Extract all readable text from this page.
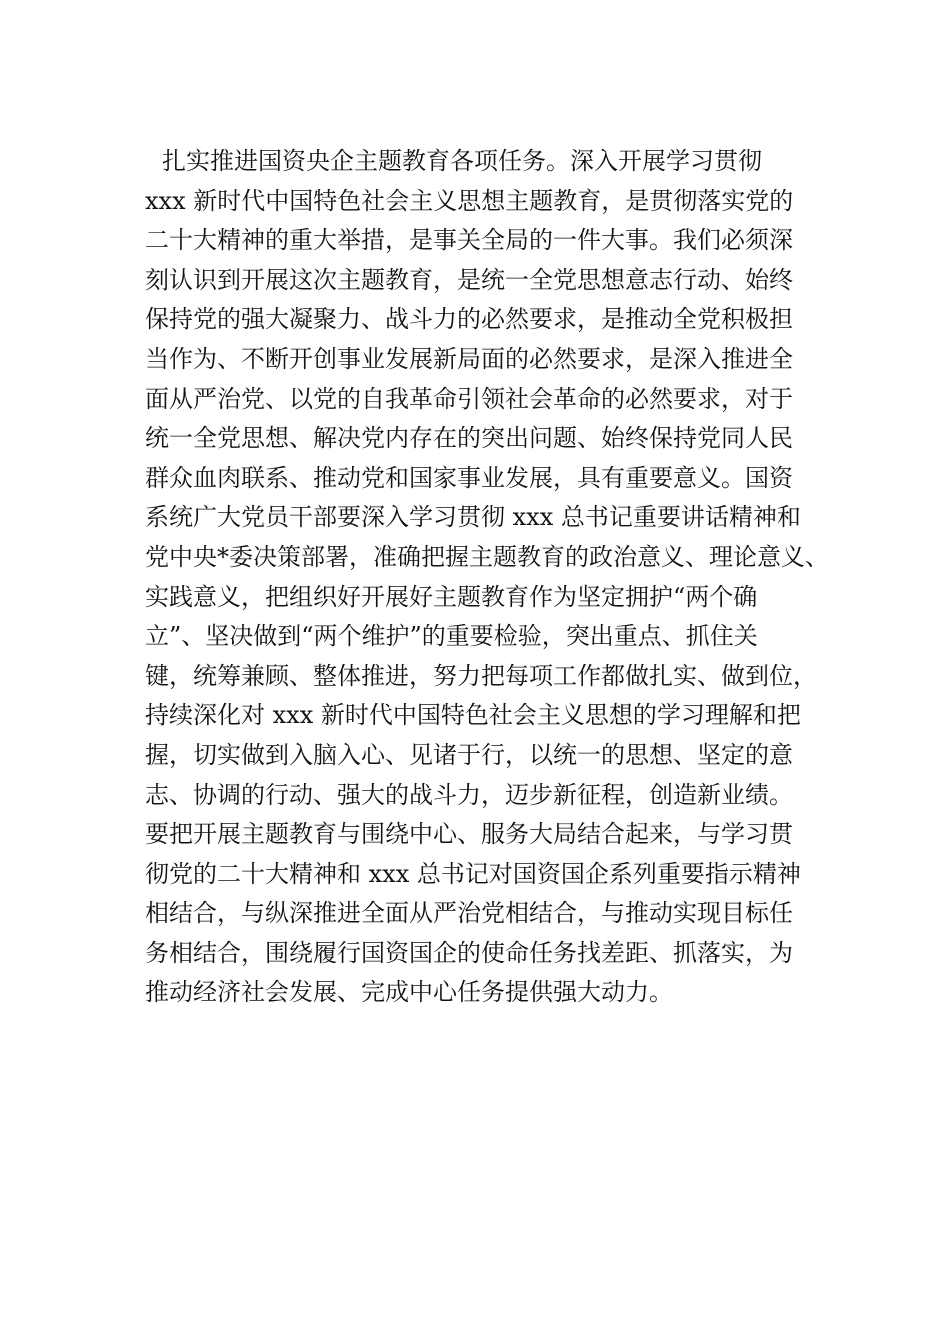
扎实推进国资央企主题教育各项任务。深入开展学习贯彻
xxx 新时代中国特色社会主义思想主题教育，是贯彻落实党的
二十大精神的重大举措，是事关全局的一件大事。我们必须深
刻认识到开展这次主题教育，是统一全党思想意志行动、始终
保持党的强大凝聚力、战斗力的必然要求，是推动全党积极担
当作为、不断开创事业发展新局面的必然要求，是深入推进全
面从严治党、以党的自我革命引领社会革命的必然要求，对于
统一全党思想、解决党内存在的突出问题、始终保持党同人民
群众血肉联系、推动党和国家事业发展，具有重要意义。国资
系统广大党员干部要深入学习贯彻 xxx 总书记重要讲话精神和
党中央*委决策部署，准确把握主题教育的政治意义、理论意义、
实践意义，把组织好开展好主题教育作为坚定拥护“两个确
立”、坚决做到“两个维护”的重要检验，突出重点、抓住关
键，统筹兼顾、整体推进，努力把每项工作都做扎实、做到位，
持续深化对 xxx 新时代中国特色社会主义思想的学习理解和把
握，切实做到入脑入心、见诸于行，以统一的思想、坚定的意
志、协调的行动、强大的战斗力，迈步新征程，创造新业绩。
要把开展主题教育与围绕中心、服务大局结合起来，与学习贯
彻党的二十大精神和 xxx 总书记对国资国企系列重要指示精神
相结合，与纵深推进全面从严治党相结合，与推动实现目标任
务相结合，围绕履行国资国企的使命任务找差距、抓落实，为
推动经济社会发展、完成中心任务提供强大动力。
